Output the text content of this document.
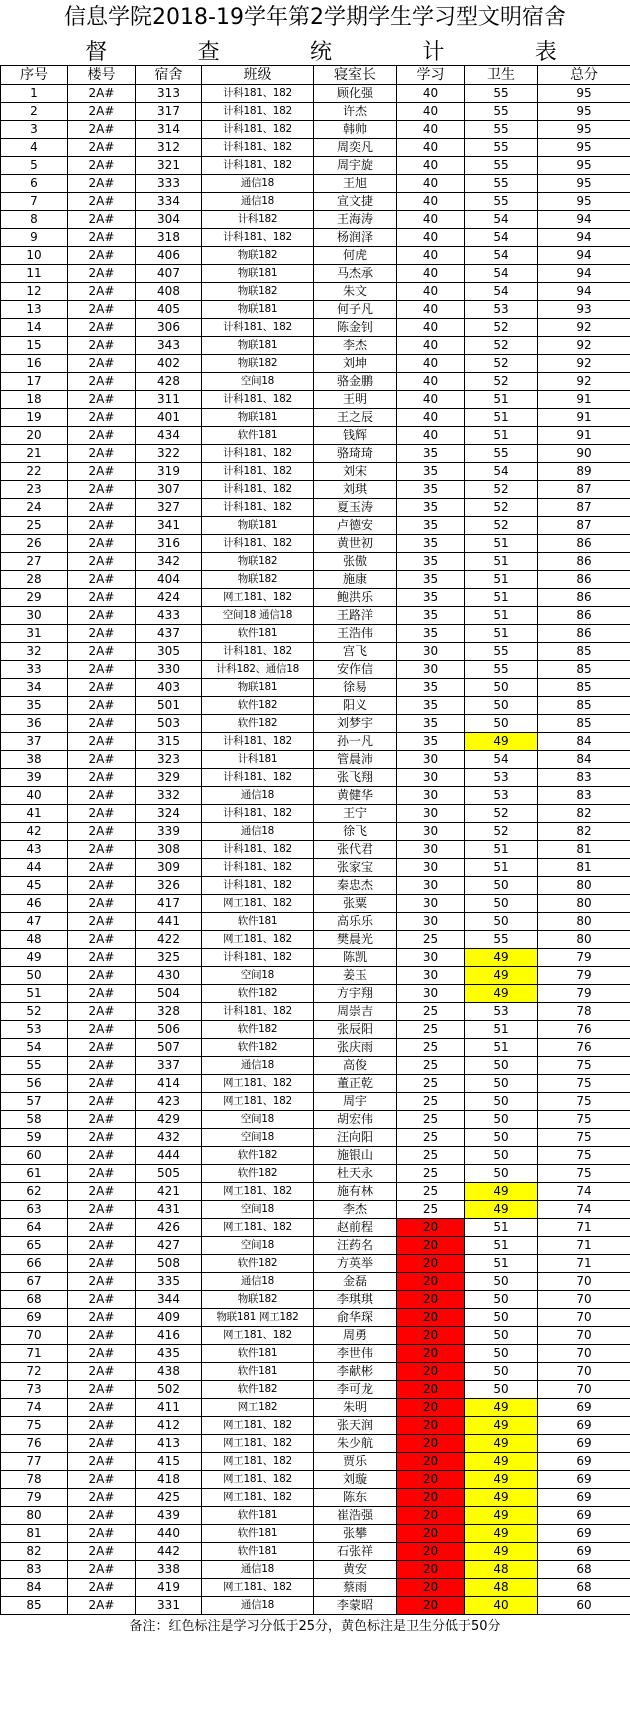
信息学院2018-19学年第2学期学生学习型文明宿舍
督	查	统	计	表
序号	楼号	宿舍	班级	寝室长	学习	卫生	总分
1	2A#	313	计科181、182	顾化强	40	55	95
2	2A#	317	计科181、182	许杰	40	55	95
3	2A#	314	计科181、182	韩帅	40	55	95
4	2A#	312	计科181、182	周奕凡	40	55	95
5	2A#	321	计科181、182	周宇旋	40	55	95
6	2A#	333	通信18	王旭	40	55	95
7	2A#	334	通信18	宣文捷	40	55	95
8	2A#	304	计科182	王海涛	40	54	94
9	2A#	318	计科181、182	杨润泽	40	54	94
10	2A#	406	物联182	何虎	40	54	94
11	2A#	407	物联181	马杰承	40	54	94
12	2A#	408	物联182	朱文	40	54	94
13	2A#	405	物联181	何子凡	40	53	93
14	2A#	306	计科181、182	陈金钊	40	52	92
15	2A#	343	物联181	李杰	40	52	92
16	2A#	402	物联182	刘坤	40	52	92
17	2A#	428	空间18	骆金鹏	40	52	92
18	2A#	311	计科181、182	王明	40	51	91
19	2A#	401	物联181	王之辰	40	51	91
20	2A#	434	软件181	钱辉	40	51	91
21	2A#	322	计科181、182	骆琦琦	35	55	90
22	2A#	319	计科181、182	刘宋	35	54	89
23	2A#	307	计科181、182	刘琪	35	52	87
24	2A#	327	计科181、182	夏玉涛	35	52	87
25	2A#	341	物联181	卢德安	35	52	87
26	2A#	316	计科181、182	黄世初	35	51	86
27	2A#	342	物联182	张傲	35	51	86
28	2A#	404	物联182	施康	35	51	86
29	2A#	424	网工181、182	鲍洪乐	35	51	86
30	2A#	433	空间18 通信18	王路洋	35	51	86
31	2A#	437	软件181	王浩伟	35	51	86
32	2A#	305	计科181、182	宫飞	30	55	85
33	2A#	330	计科182、通信18	安作信	30	55	85
34	2A#	403	物联181	徐易	35	50	85
35	2A#	501	软件182	阳义	35	50	85
36	2A#	503	软件182	刘梦宇	35	50	85
37	2A#	315	计科181、182	孙一凡	35	49	84
38	2A#	323	计科181	管晨沛	30	54	84
39	2A#	329	计科181、182	张飞翔	30	53	83
40	2A#	332	通信18	黄健华	30	53	83
41	2A#	324	计科181、182	王宁	30	52	82
42	2A#	339	通信18	徐飞	30	52	82
43	2A#	308	计科181、182	张代君	30	51	81
44	2A#	309	计科181、182	张家宝	30	51	81
45	2A#	326	计科181、182	秦忠杰	30	50	80
46	2A#	417	网工181、182	张粟	30	50	80
47	2A#	441	软件181	高乐乐	30	50	80
48	2A#	422	网工181、182	樊晨光	25	55	80
49	2A#	325	计科181、182	陈凯	30	49	79
50	2A#	430	空间18	姜玉	30	49	79
51	2A#	504	软件182	方宇翔	30	49	79
52	2A#	328	计科181、182	周崇吉	25	53	78
53	2A#	506	软件182	张辰阳	25	51	76
54	2A#	507	软件182	张庆雨	25	51	76
55	2A#	337	通信18	高俊	25	50	75
56	2A#	414	网工181、182	董正乾	25	50	75
57	2A#	423	网工181、182	周宇	25	50	75
58	2A#	429	空间18	胡宏伟	25	50	75
59	2A#	432	空间18	汪向阳	25	50	75
60	2A#	444	软件182	施银山	25	50	75
61	2A#	505	软件182	杜天永	25	50	75
62	2A#	421	网工181、182	施有林	25	49	74
63	2A#	431	空间18	李杰	25	49	74
64	2A#	426	网工181、182	赵前程	20	51	71
65	2A#	427	空间18	汪药名	20	51	71
66	2A#	508	软件182	方英举	20	51	71
67	2A#	335	通信18	金磊	20	50	70
68	2A#	344	物联182	李琪琪	20	50	70
69	2A#	409	物联181 网工182	俞华琛	20	50	70
70	2A#	416	网工181、182	周勇	20	50	70
71	2A#	435	软件181	李世伟	20	50	70
72	2A#	438	软件181	李献彬	20	50	70
73	2A#	502	软件182	李可龙	20	50	70
74	2A#	411	网工182	朱明	20	49	69
75	2A#	412	网工181、182	张天润	20	49	69
76	2A#	413	网工181、182	朱少航	20	49	69
77	2A#	415	网工181、182	贾乐	20	49	69
78	2A#	418	网工181、182	刘璇	20	49	69
79	2A#	425	网工181、182	陈东	20	49	69
80	2A#	439	软件181	崔浩强	20	49	69
81	2A#	440	软件181	张攀	20	49	69
82	2A#	442	软件181	石张祥	20	49	69
83	2A#	338	通信18	黄安	20	48	68
84	2A#	419	网工181、182	蔡雨	20	48	68
85	2A#	331	通信18	李蒙昭	20	40	60
备注：红色标注是学习分低于25分，黄色标注是卫生分低于50分
